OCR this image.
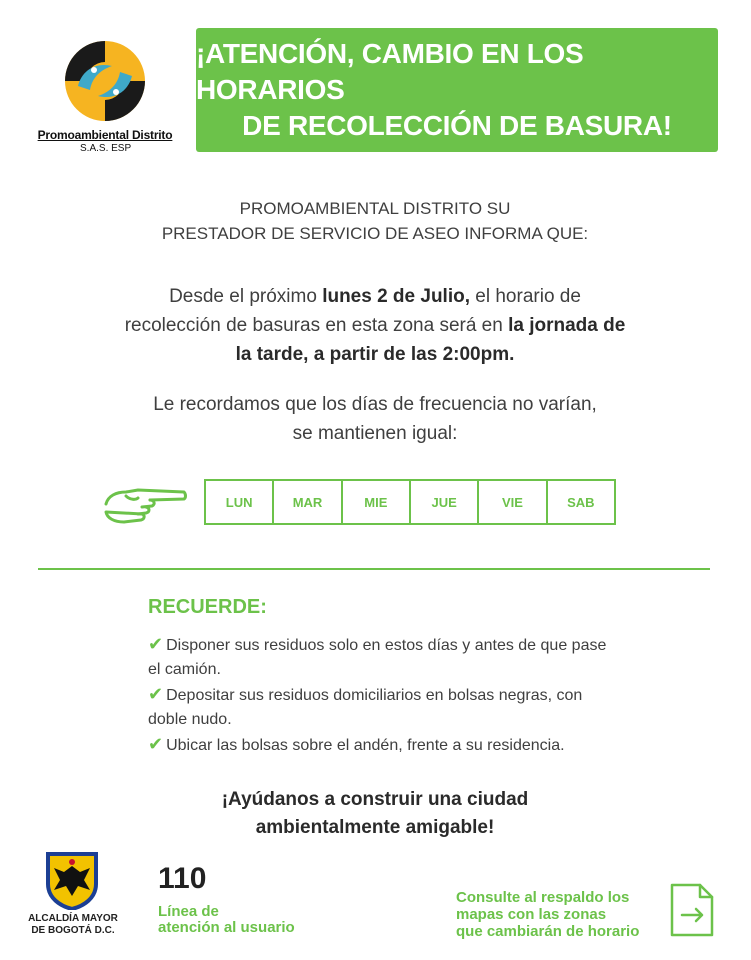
Promoambiental Distrito
S.A.S. ESP
¡ATENCIÓN, CAMBIO EN LOS HORARIOS
DE RECOLECCIÓN DE BASURA!
PROMOAMBIENTAL DISTRITO SU
PRESTADOR DE SERVICIO DE ASEO INFORMA QUE:
Desde el próximo lunes 2 de Julio, el horario de recolección de basuras en esta zona será en la jornada de la tarde, a partir de las 2:00pm.
Le recordamos que los días de frecuencia no varían, se mantienen igual:
LUN	MAR	MIE	JUE	VIE	SAB
RECUERDE:

✔ Disponer sus residuos solo en estos días y antes de que pase el camión.

✔ Depositar sus residuos domiciliarios en bolsas negras, con doble nudo.

✔ Ubicar las bolsas sobre el andén, frente a su residencia.

¡Ayúdanos a construir una ciudad
ambientalmente amigable!
ALCALDÍA MAYOR
DE BOGOTÁ D.C.
110
Línea de
atención al usuario
Consulte al respaldo los
mapas con las zonas
que cambiarán de horario
